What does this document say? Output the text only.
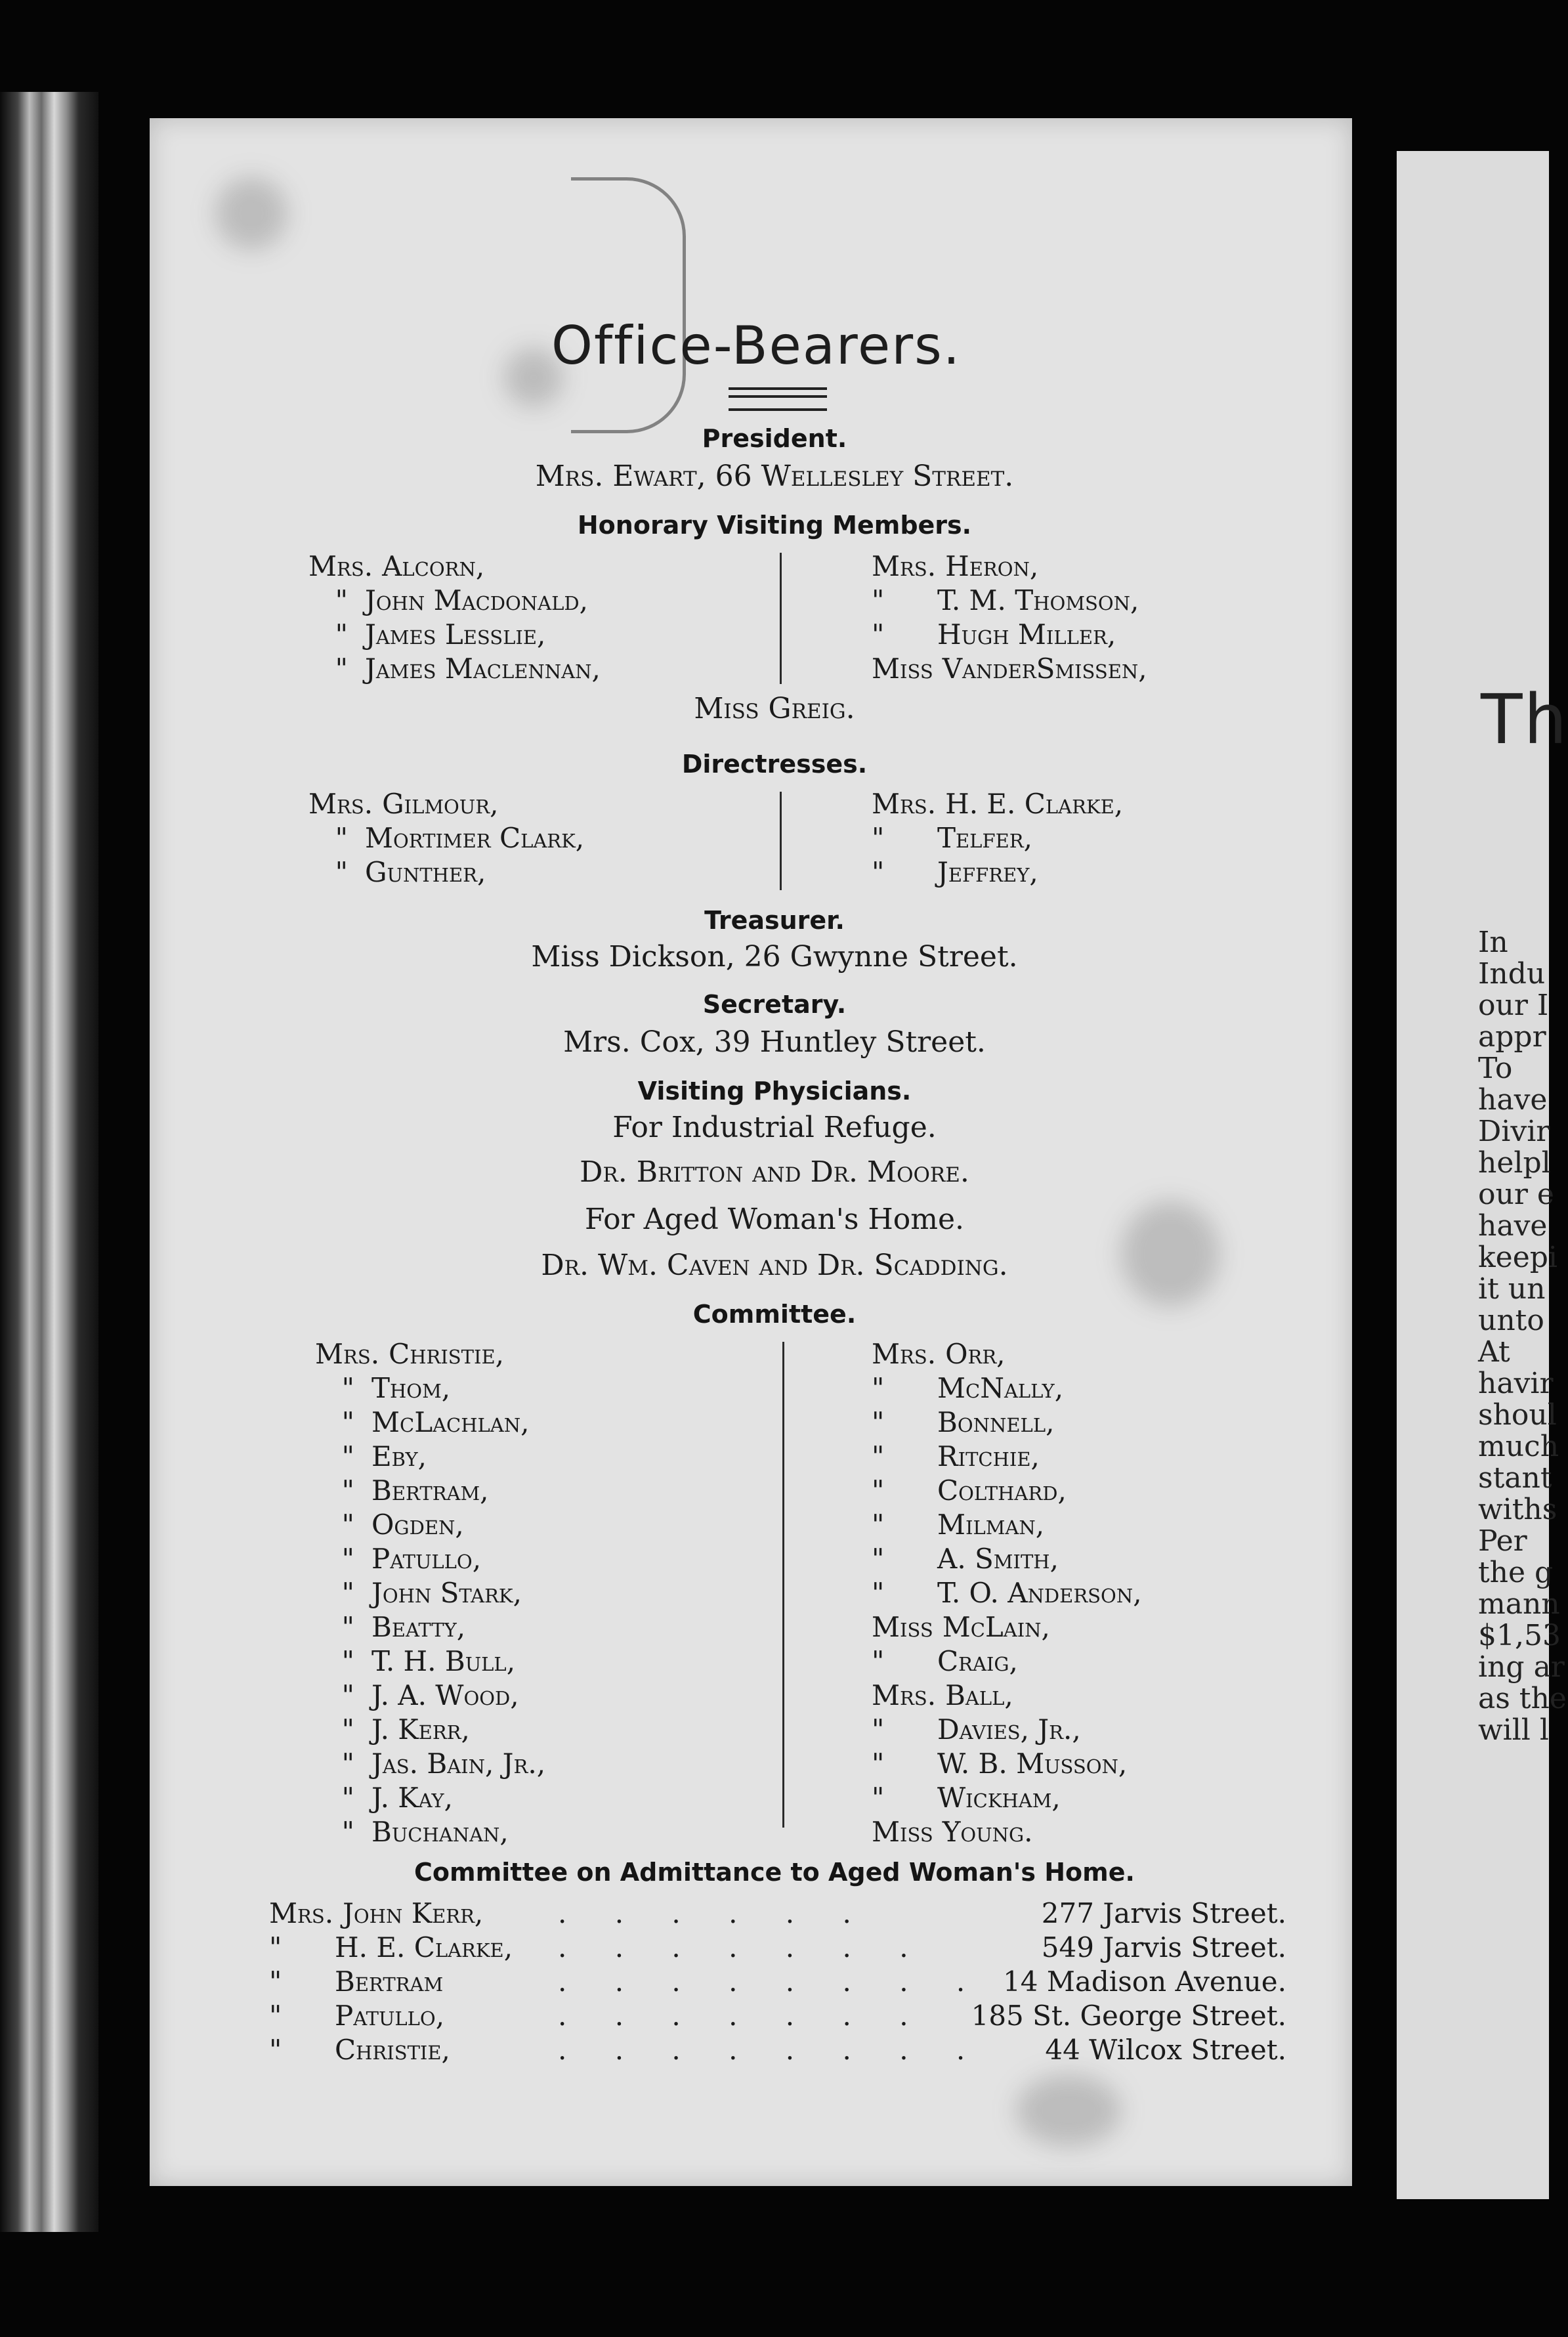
Office-Bearers.
President.
Mrs. Ewart, 66 Wellesley Street.
Honorary Visiting Members.
Mrs. Alcorn,
" John Macdonald,
" James Lesslie,
" James Maclennan,
Mrs. Heron,
" T. M. Thomson,
" Hugh Miller,
Miss VanderSmissen,
Miss Greig.
Directresses.
Mrs. Gilmour,
" Mortimer Clark,
" Gunther,
Mrs. H. E. Clarke,
" Telfer,
" Jeffrey,
Treasurer.
Miss Dickson, 26 Gwynne Street.
Secretary.
Mrs. Cox, 39 Huntley Street.
Visiting Physicians.
For Industrial Refuge.
Dr. Britton and Dr. Moore.
For Aged Woman's Home.
Dr. Wm. Caven and Dr. Scadding.
Committee.
Mrs. Christie,
" Thom,
" McLachlan,
" Eby,
" Bertram,
" Ogden,
" Patullo,
" John Stark,
" Beatty,
" T. H. Bull,
" J. A. Wood,
" J. Kerr,
" Jas. Bain, Jr.,
" J. Kay,
" Buchanan,
Mrs. Orr,
" McNally,
" Bonnell,
" Ritchie,
" Colthard,
" Milman,
" A. Smith,
" T. O. Anderson,
Miss McLain,
" Craig,
Mrs. Ball,
" Davies, Jr.,
" W. B. Musson,
" Wickham,
Miss Young.
Committee on Admittance to Aged Woman's Home.
Mrs. John Kerr,	. . . . . .	277 Jarvis Street.
" H. E. Clarke, . . . . . . .	549 Jarvis Street.
" Bertram	. . . . . . . . 14 Madison Avenue.
" Patullo,	. . . . . . . 185 St. George Street.
" Christie,	. . . . . . . . 44 Wilcox Street.
Th
In
Indu
our I
appr
To
have
Divir
helpl
our e
have
keepi
it un
unto
At
havir
shoul
much
stant
withs
Per
the g
mann
$1,53
ing ar
as the
will l
